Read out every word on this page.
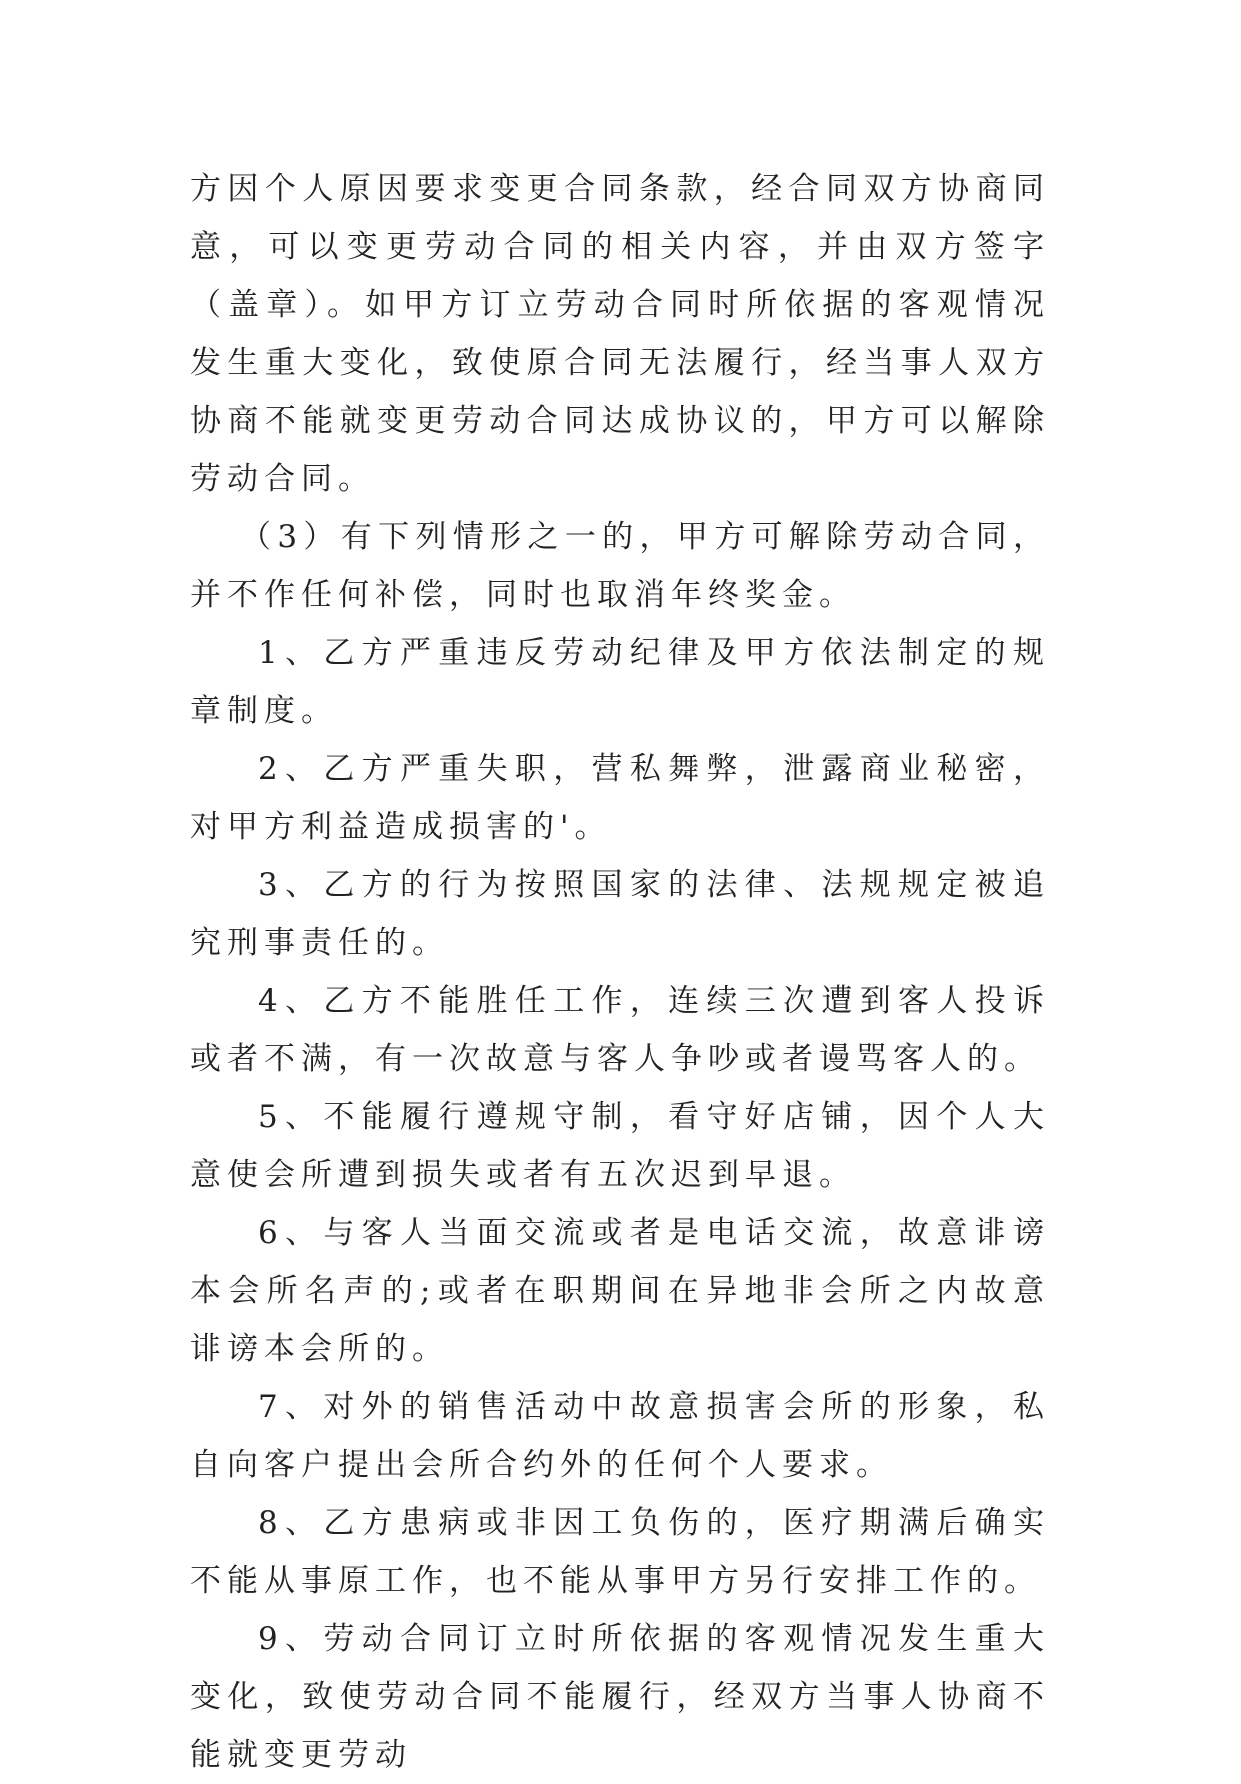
方因个人原因要求变更合同条款，经合同双方协商同意，可以变更劳动合同的相关内容，并由双方签字（盖章）。如甲方订立劳动合同时所依据的客观情况发生重大变化，致使原合同无法履行，经当事人双方协商不能就变更劳动合同达成协议的，甲方可以解除劳动合同。

（3）有下列情形之一的，甲方可解除劳动合同，并不作任何补偿，同时也取消年终奖金。

1、乙方严重违反劳动纪律及甲方依法制定的规章制度。

2、乙方严重失职，营私舞弊，泄露商业秘密，对甲方利益造成损害的'。

3、乙方的行为按照国家的法律、法规规定被追究刑事责任的。

4、乙方不能胜任工作，连续三次遭到客人投诉或者不满，有一次故意与客人争吵或者谩骂客人的。

5、不能履行遵规守制，看守好店铺，因个人大意使会所遭到损失或者有五次迟到早退。

6、与客人当面交流或者是电话交流，故意诽谤本会所名声的;或者在职期间在异地非会所之内故意诽谤本会所的。

7、对外的销售活动中故意损害会所的形象，私自向客户提出会所合约外的任何个人要求。

8、乙方患病或非因工负伤的，医疗期满后确实不能从事原工作，也不能从事甲方另行安排工作的。

9、劳动合同订立时所依据的客观情况发生重大变化，致使劳动合同不能履行，经双方当事人协商不能就变更劳动
